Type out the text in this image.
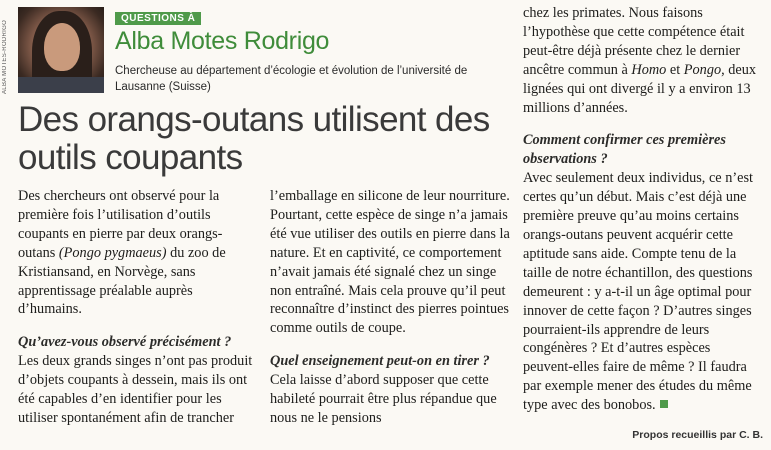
ALBA MOTES-RODRIGO
QUESTIONS À
Alba Motes Rodrigo
Chercheuse au département d’écologie et évolution de l’université de Lausanne (Suisse)
Des orangs-outans utilisent des outils coupants

Des chercheurs ont observé pour la première fois l’utilisation d’outils coupants en pierre par deux orangs-outans (Pongo pygmaeus) du zoo de Kristiansand, en Norvège, sans apprentissage préalable auprès d’humains.

Qu’avez-vous observé précisément ?

Les deux grands singes n’ont pas produit d’objets coupants à dessein, mais ils ont été capables d’en identifier pour les utiliser spontanément afin de trancher

l’emballage en silicone de leur nourriture. Pourtant, cette espèce de singe n’a jamais été vue utiliser des outils en pierre dans la nature. Et en captivité, ce comportement n’avait jamais été signalé chez un singe non entraîné. Mais cela prouve qu’il peut reconnaître d’instinct des pierres pointues comme outils de coupe.

Quel enseignement peut-on en tirer ?

Cela laisse d’abord supposer que cette habileté pourrait être plus répandue que nous ne le pensions

chez les primates. Nous faisons l’hypothèse que cette compétence était peut-être déjà présente chez le dernier ancêtre commun à Homo et Pongo, deux lignées qui ont divergé il y a environ 13 millions d’années.

Comment confirmer ces premières observations ?

Avec seulement deux individus, ce n’est certes qu’un début. Mais c’est déjà une première preuve qu’au moins certains orangs-outans peuvent acquérir cette aptitude sans aide. Compte tenu de la taille de notre échantillon, des questions demeurent : y a-t-il un âge optimal pour innover de cette façon ? D’autres singes pourraient-ils apprendre de leurs congénères ? Et d’autres espèces peuvent-elles faire de même ? Il faudra par exemple mener des études du même type avec des bonobos.

Propos recueillis par C. B.
